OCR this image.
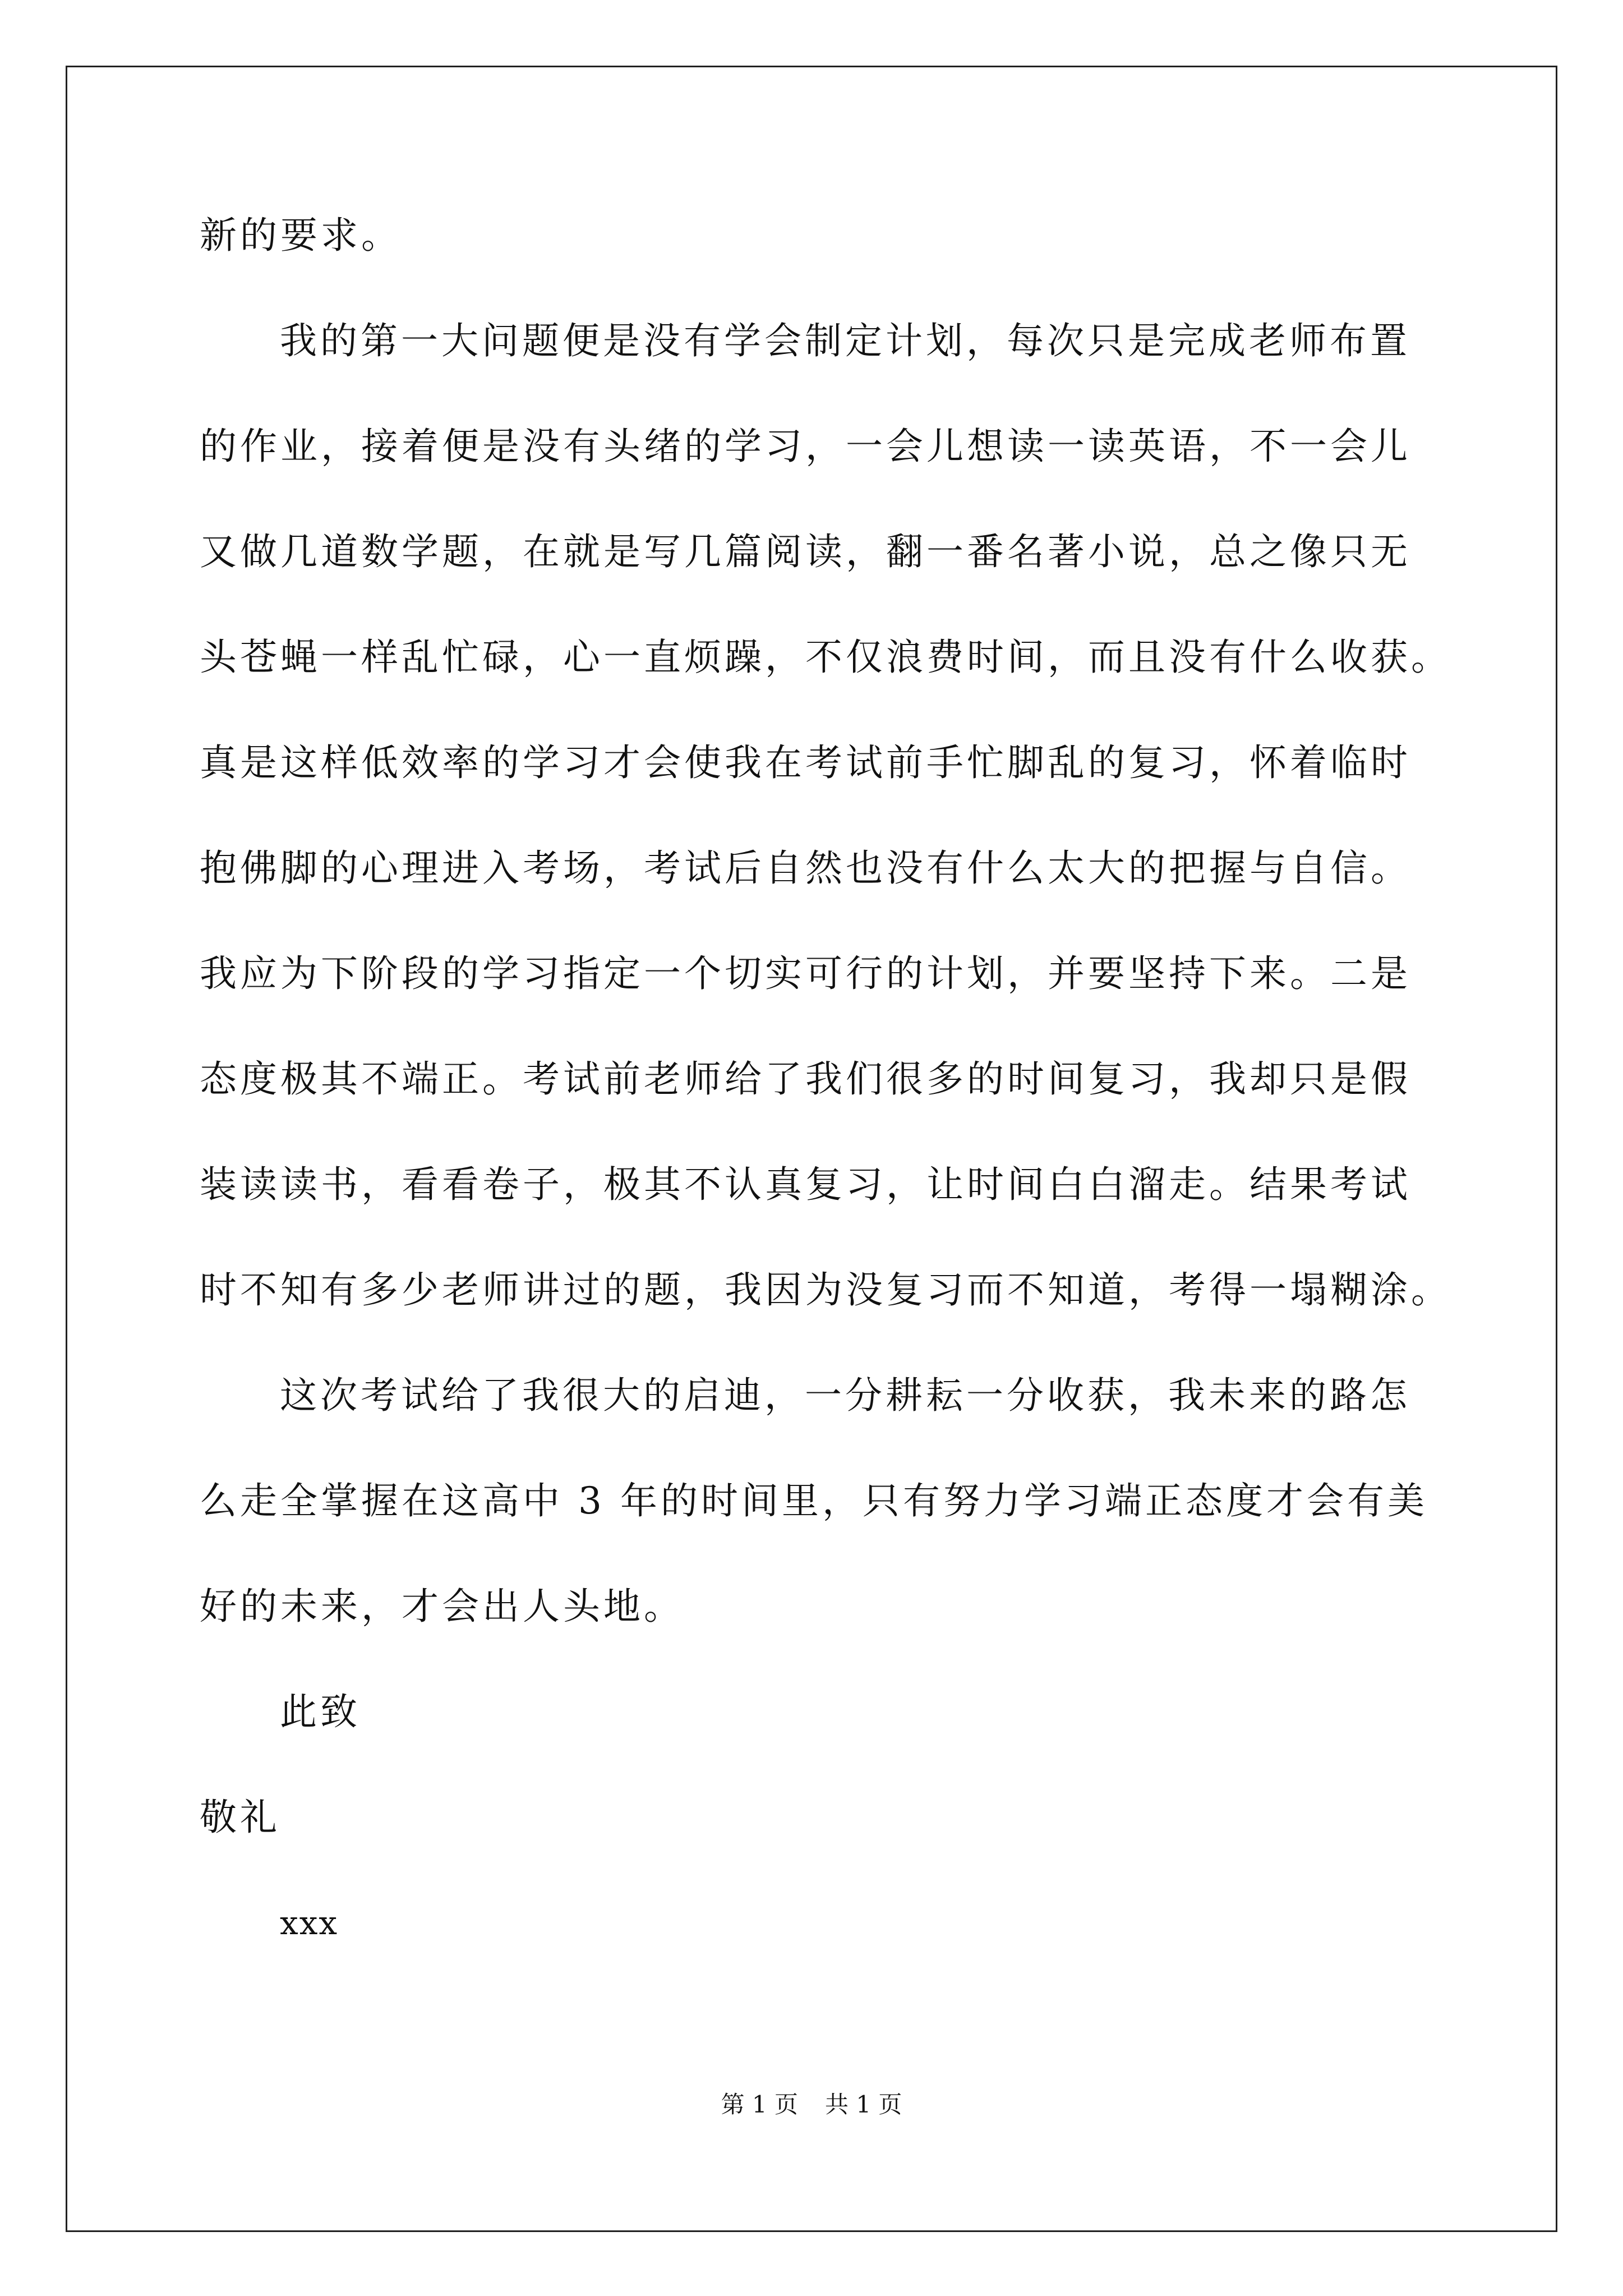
新的要求。
我的第一大问题便是没有学会制定计划，每次只是完成老师布置
的作业，接着便是没有头绪的学习，一会儿想读一读英语，不一会儿
又做几道数学题，在就是写几篇阅读，翻一番名著小说，总之像只无
头苍蝇一样乱忙碌，心一直烦躁，不仅浪费时间，而且没有什么收获。
真是这样低效率的学习才会使我在考试前手忙脚乱的复习，怀着临时
抱佛脚的心理进入考场，考试后自然也没有什么太大的把握与自信。
我应为下阶段的学习指定一个切实可行的计划，并要坚持下来。二是
态度极其不端正。考试前老师给了我们很多的时间复习，我却只是假
装读读书，看看卷子，极其不认真复习，让时间白白溜走。结果考试
时不知有多少老师讲过的题，我因为没复习而不知道，考得一塌糊涂。
这次考试给了我很大的启迪，一分耕耘一分收获，我未来的路怎
么走全掌握在这高中 3 年的时间里，只有努力学习端正态度才会有美
好的未来，才会出人头地。
此致
敬礼
xxx
第 1 页 共 1 页
